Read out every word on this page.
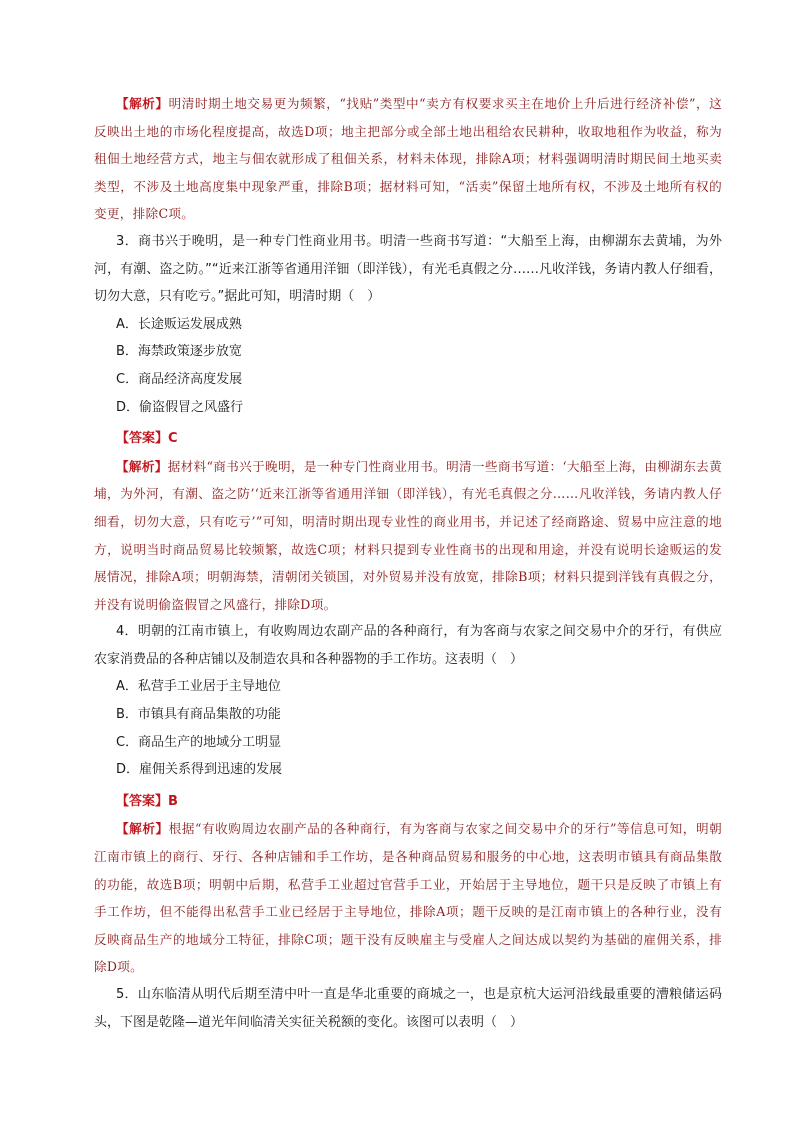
【解析】明清时期土地交易更为频繁，“找贴”类型中“卖方有权要求买主在地价上升后进行经济补偿”，这反映出土地的市场化程度提高，故选D项；地主把部分或全部土地出租给农民耕种，收取地租作为收益，称为租佃土地经营方式，地主与佃农就形成了租佃关系，材料未体现，排除A项；材料强调明清时期民间土地买卖类型，不涉及土地高度集中现象严重，排除B项；据材料可知，“活卖”保留土地所有权，不涉及土地所有权的变更，排除C项。

3．商书兴于晚明，是一种专门性商业用书。明清一些商书写道：“大船至上海，由柳湖东去黄埔，为外河，有潮、盗之防。”“近来江浙等省通用洋钿（即洋钱），有光毛真假之分……凡收洋钱，务请内教人仔细看，切勿大意，只有吃亏。”据此可知，明清时期（　）

A．长途贩运发展成熟

B．海禁政策逐步放宽

C．商品经济高度发展

D．偷盗假冒之风盛行

【答案】C

【解析】据材料“商书兴于晚明，是一种专门性商业用书。明清一些商书写道：‘大船至上海，由柳湖东去黄埔，为外河，有潮、盗之防’‘近来江浙等省通用洋钿（即洋钱），有光毛真假之分……凡收洋钱，务请内教人仔细看，切勿大意，只有吃亏’”可知，明清时期出现专业性的商业用书，并记述了经商路途、贸易中应注意的地方，说明当时商品贸易比较频繁，故选C项；材料只提到专业性商书的出现和用途，并没有说明长途贩运的发展情况，排除A项；明朝海禁，清朝闭关锁国，对外贸易并没有放宽，排除B项；材料只提到洋钱有真假之分，并没有说明偷盗假冒之风盛行，排除D项。

4．明朝的江南市镇上，有收购周边农副产品的各种商行，有为客商与农家之间交易中介的牙行，有供应农家消费品的各种店铺以及制造农具和各种器物的手工作坊。这表明（　）

A．私营手工业居于主导地位

B．市镇具有商品集散的功能

C．商品生产的地域分工明显

D．雇佣关系得到迅速的发展

【答案】B

【解析】根据“有收购周边农副产品的各种商行，有为客商与农家之间交易中介的牙行”等信息可知，明朝江南市镇上的商行、牙行、各种店铺和手工作坊，是各种商品贸易和服务的中心地，这表明市镇具有商品集散的功能，故选B项；明朝中后期，私营手工业超过官营手工业，开始居于主导地位，题干只是反映了市镇上有手工作坊，但不能得出私营手工业已经居于主导地位，排除A项；题干反映的是江南市镇上的各种行业，没有反映商品生产的地域分工特征，排除C项；题干没有反映雇主与受雇人之间达成以契约为基础的雇佣关系，排除D项。

5．山东临清从明代后期至清中叶一直是华北重要的商城之一，也是京杭大运河沿线最重要的漕粮储运码头，下图是乾隆—道光年间临清关实征关税额的变化。该图可以表明（　）
